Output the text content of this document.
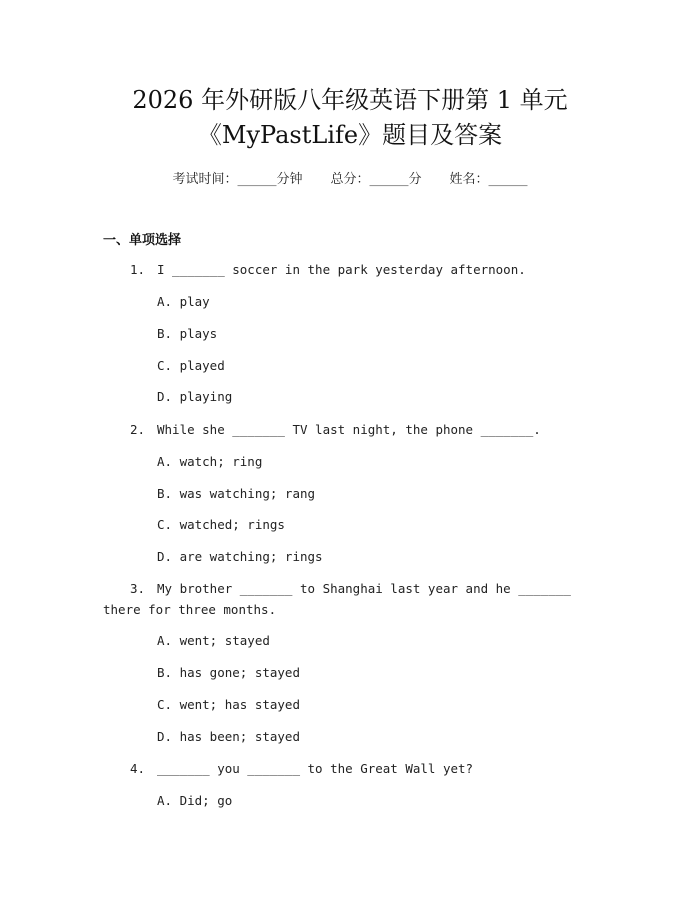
2026 年外研版八年级英语下册第 1 单元
《MyPastLife》题目及答案
考试时间：______分钟 总分：______分 姓名：______
一、单项选择
1. I _______ soccer in the park yesterday afternoon.
A. play
B. plays
C. played
D. playing
2. While she _______ TV last night, the phone _______.
A. watch; ring
B. was watching; rang
C. watched; rings
D. are watching; rings
3. My brother _______ to Shanghai last year and he _______ there for three months.
A. went; stayed
B. has gone; stayed
C. went; has stayed
D. has been; stayed
4. _______ you _______ to the Great Wall yet?
A. Did; go
